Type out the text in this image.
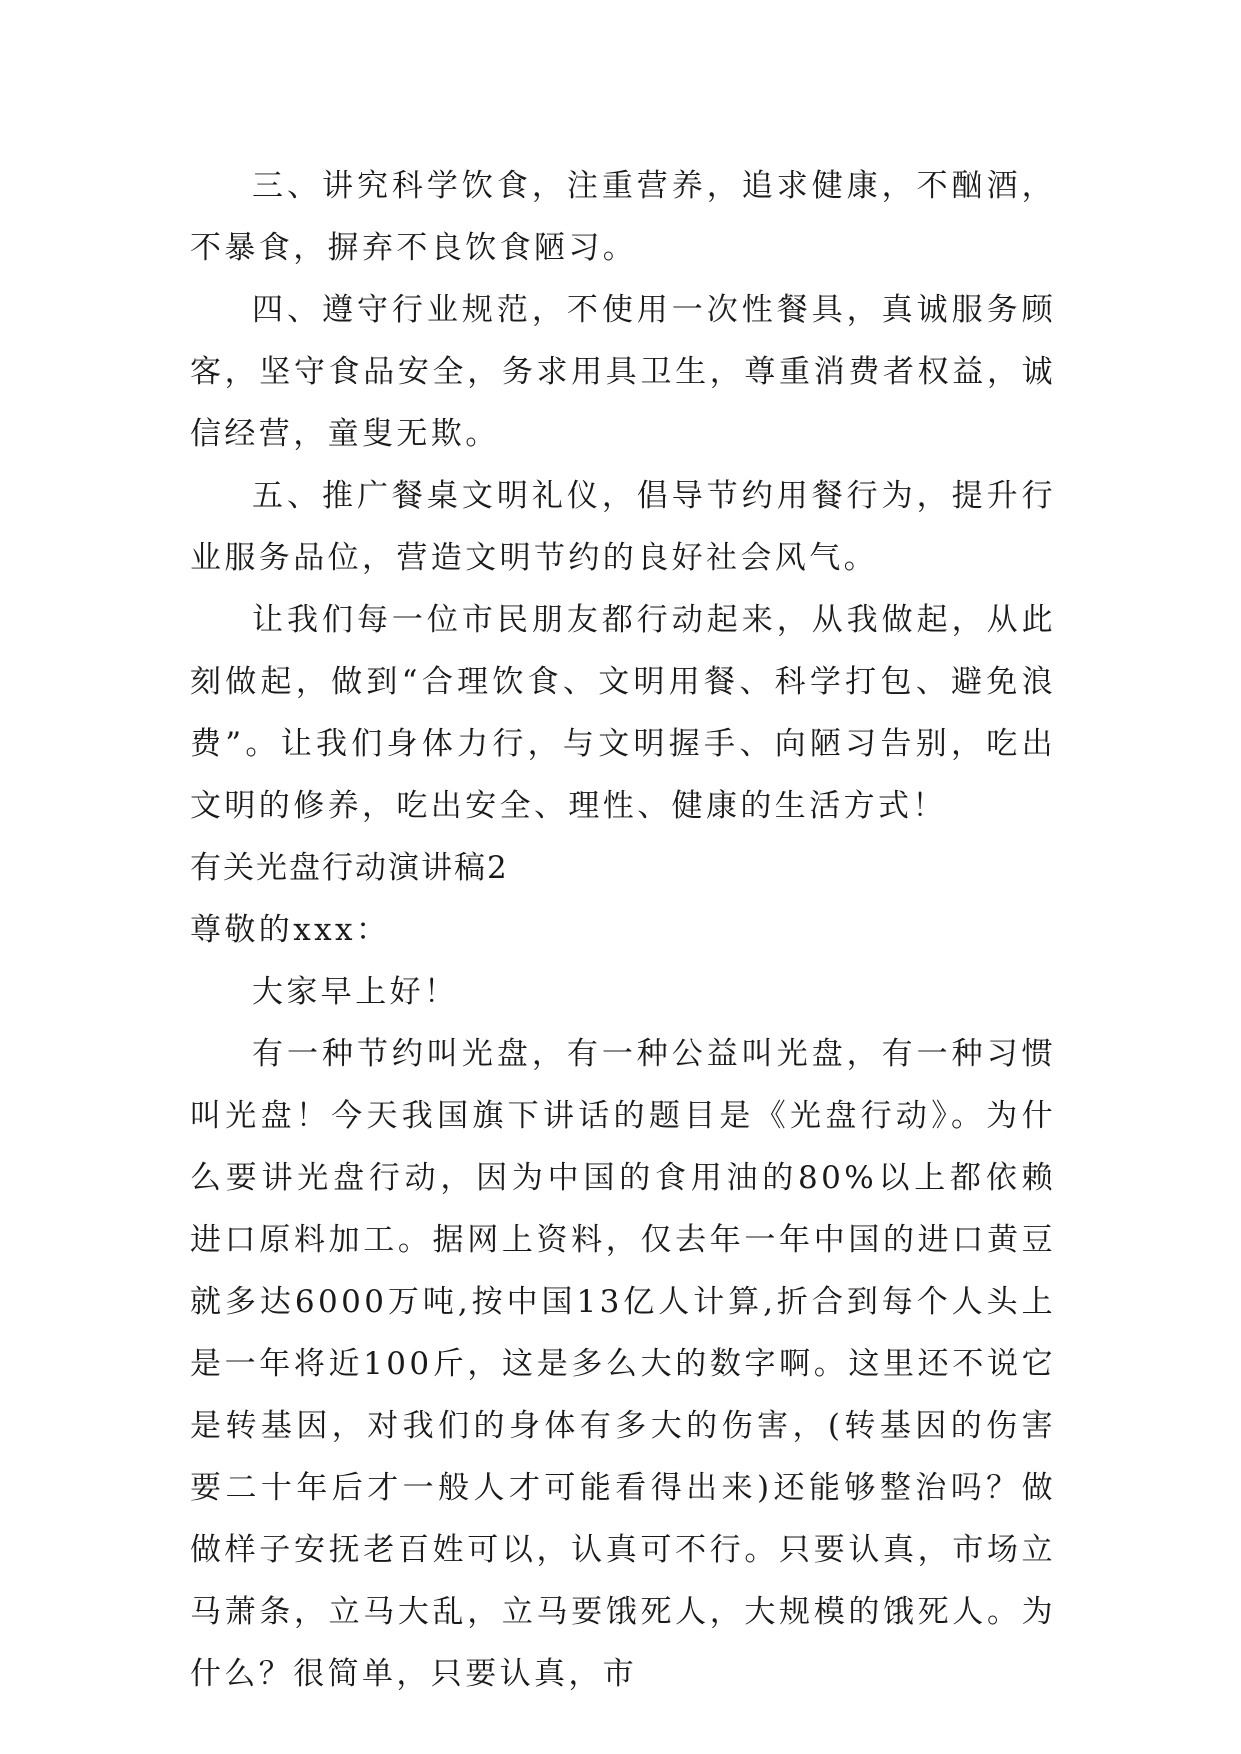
三、讲究科学饮食，注重营养，追求健康，不酗酒，不暴食，摒弃不良饮食陋习。

四、遵守行业规范，不使用一次性餐具，真诚服务顾客，坚守食品安全，务求用具卫生，尊重消费者权益，诚信经营，童叟无欺。

五、推广餐桌文明礼仪，倡导节约用餐行为，提升行业服务品位，营造文明节约的良好社会风气。

让我们每一位市民朋友都行动起来，从我做起，从此刻做起，做到“合理饮食、文明用餐、科学打包、避免浪费”。让我们身体力行，与文明握手、向陋习告别，吃出文明的修养，吃出安全、理性、健康的生活方式！

有关光盘行动演讲稿2

尊敬的xxx：

大家早上好！

有一种节约叫光盘，有一种公益叫光盘，有一种习惯叫光盘！今天我国旗下讲话的题目是《光盘行动》。为什么要讲光盘行动，因为中国的食用油的80%以上都依赖进口原料加工。据网上资料，仅去年一年中国的进口黄豆就多达6000万吨,按中国13亿人计算,折合到每个人头上是一年将近100斤，这是多么大的数字啊。这里还不说它是转基因，对我们的身体有多大的伤害，(转基因的伤害要二十年后才一般人才可能看得出来)还能够整治吗？做做样子安抚老百姓可以，认真可不行。只要认真，市场立马萧条，立马大乱，立马要饿死人，大规模的饿死人。为什么？很简单，只要认真，市
